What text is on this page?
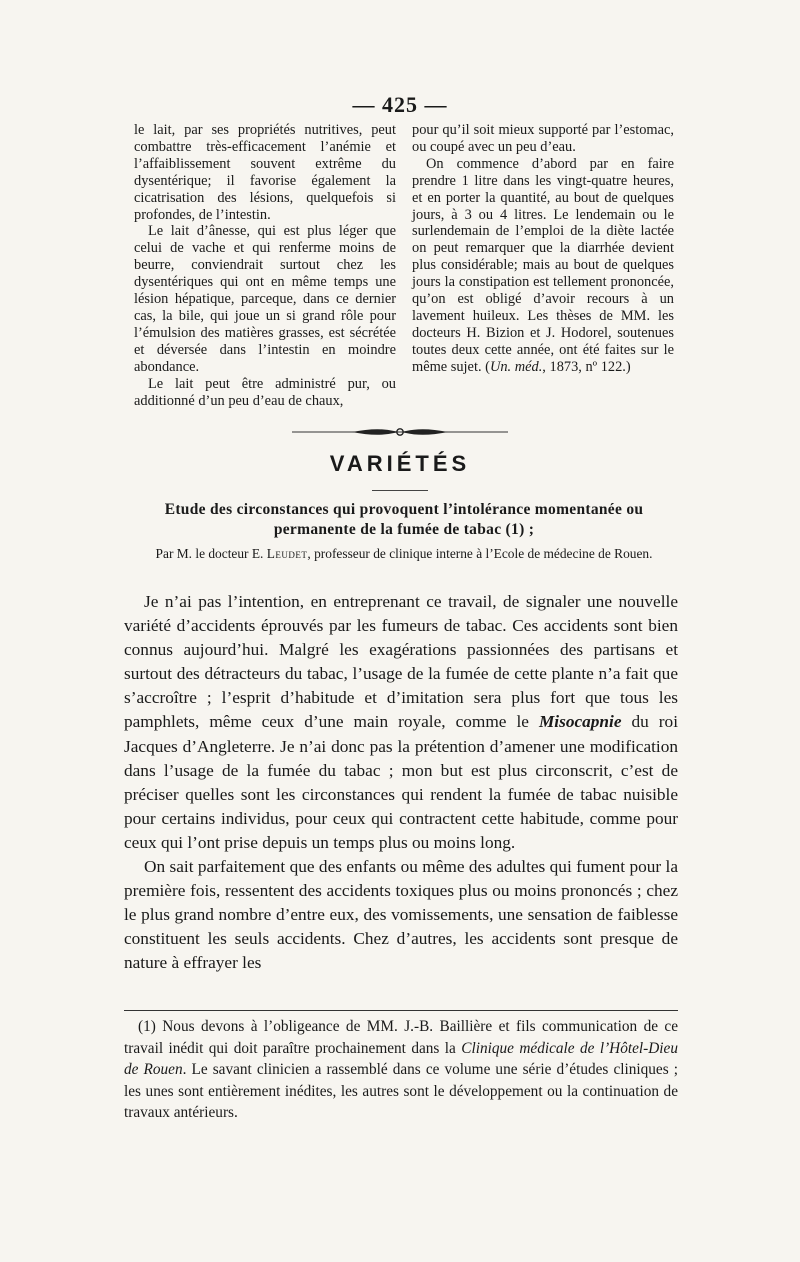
— 425 —

le lait, par ses propriétés nutritives, peut combattre très-efficacement l’anémie et l’affaiblissement souvent extrême du dysentérique; il favorise également la cicatrisation des lésions, quelquefois si profondes, de l’intestin.

Le lait d’ânesse, qui est plus léger que celui de vache et qui renferme moins de beurre, conviendrait surtout chez les dysentériques qui ont en même temps une lésion hépatique, parceque, dans ce dernier cas, la bile, qui joue un si grand rôle pour l’émulsion des matières grasses, est sécrétée et déversée dans l’intestin en moindre abondance.

Le lait peut être administré pur, ou additionné d’un peu d’eau de chaux,

pour qu’il soit mieux supporté par l’estomac, ou coupé avec un peu d’eau.

On commence d’abord par en faire prendre 1 litre dans les vingt-quatre heures, et en porter la quantité, au bout de quelques jours, à 3 ou 4 litres. Le lendemain ou le surlendemain de l’emploi de la diète lactée on peut remarquer que la diarrhée devient plus considérable; mais au bout de quelques jours la constipation est tellement prononcée, qu’on est obligé d’avoir recours à un lavement huileux. Les thèses de MM. les docteurs H. Bizion et J. Hodorel, soutenues toutes deux cette année, ont été faites sur le même sujet. (Un. méd., 1873, nº 122.)

VARIÉTÉS
Etude des circonstances qui provoquent l’intolérance momentanée ou permanente de la fumée de tabac (1) ;
Par M. le docteur E. Leudet, professeur de clinique interne à l’Ecole de médecine de Rouen.

Je n’ai pas l’intention, en entreprenant ce travail, de signaler une nouvelle variété d’accidents éprouvés par les fumeurs de tabac. Ces accidents sont bien connus aujourd’hui. Malgré les exagérations passionnées des partisans et surtout des détracteurs du tabac, l’usage de la fumée de cette plante n’a fait que s’accroître ; l’esprit d’habitude et d’imitation sera plus fort que tous les pamphlets, même ceux d’une main royale, comme le Misocapnie du roi Jacques d’Angleterre. Je n’ai donc pas la prétention d’amener une modification dans l’usage de la fumée du tabac ; mon but est plus circonscrit, c’est de préciser quelles sont les circonstances qui rendent la fumée de tabac nuisible pour certains individus, pour ceux qui contractent cette habitude, comme pour ceux qui l’ont prise depuis un temps plus ou moins long.

On sait parfaitement que des enfants ou même des adultes qui fument pour la première fois, ressentent des accidents toxiques plus ou moins prononcés ; chez le plus grand nombre d’entre eux, des vomissements, une sensation de faiblesse constituent les seuls accidents. Chez d’autres, les accidents sont presque de nature à effrayer les

(1) Nous devons à l’obligeance de MM. J.-B. Baillière et fils communication de ce travail inédit qui doit paraître prochainement dans la Clinique médicale de l’Hôtel-Dieu de Rouen. Le savant clinicien a rassemblé dans ce volume une série d’études cliniques ; les unes sont entièrement inédites, les autres sont le développement ou la continuation de travaux antérieurs.
